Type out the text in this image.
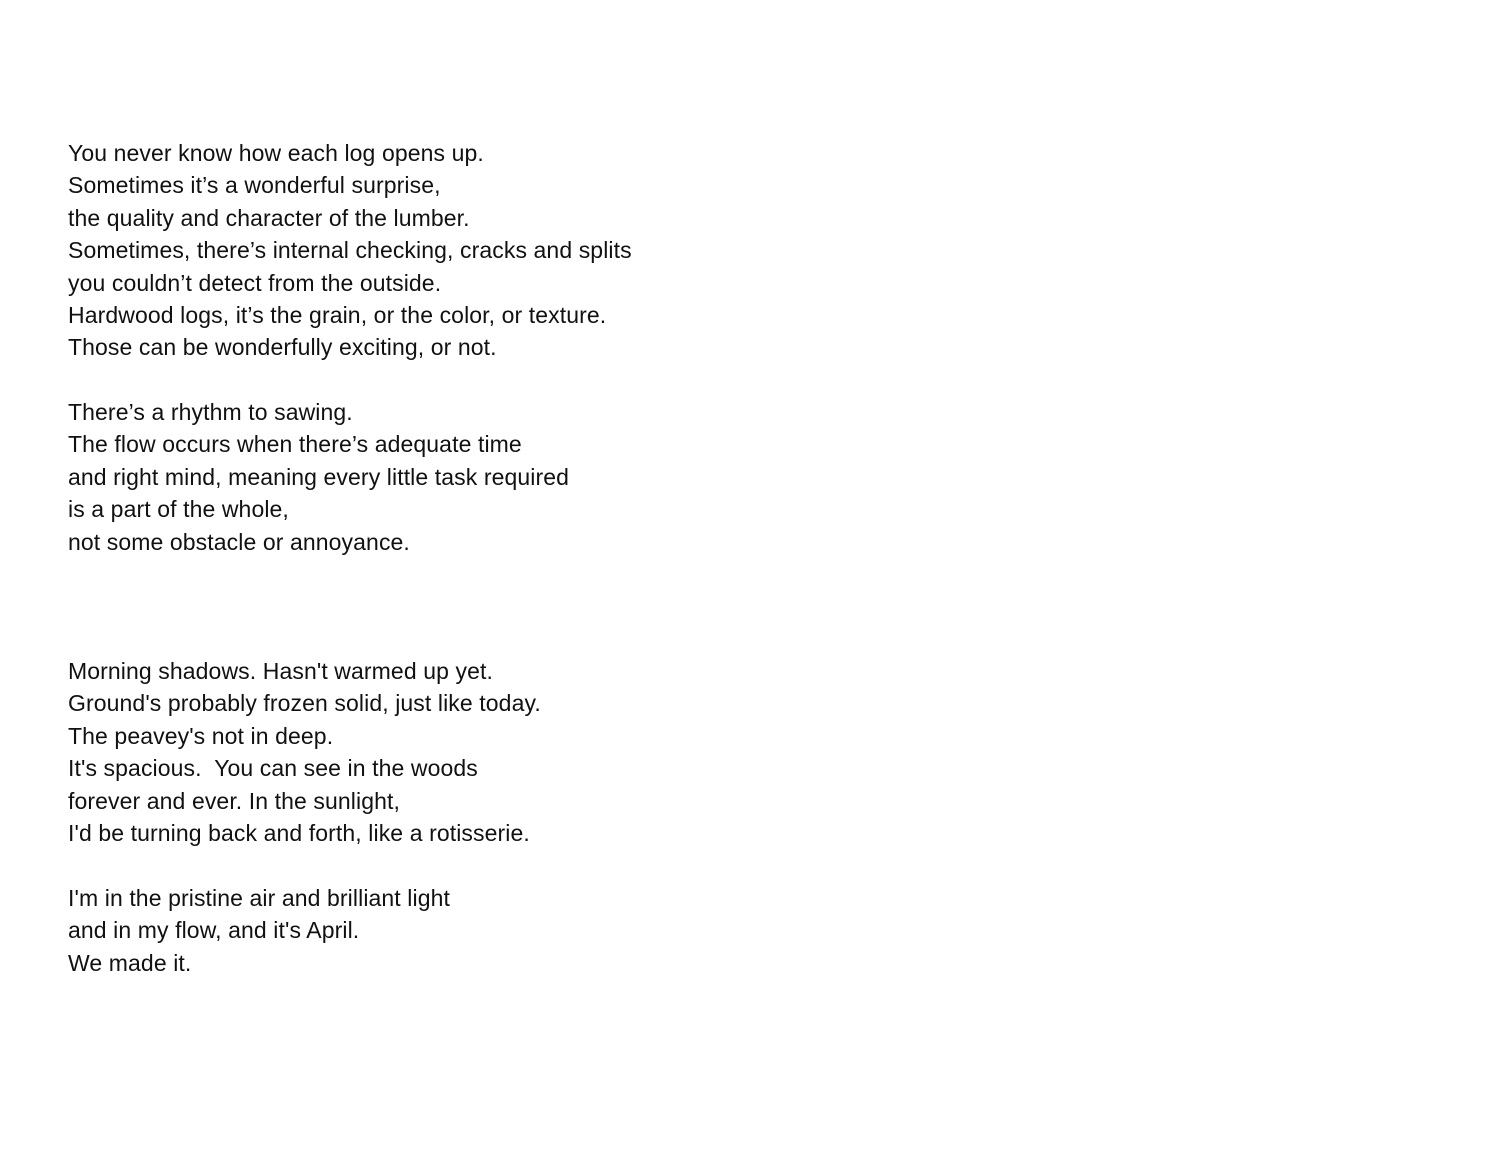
You never know how each log opens up.
Sometimes it’s a wonderful surprise,
the quality and character of the lumber.
Sometimes, there’s internal checking, cracks and splits
you couldn’t detect from the outside.
Hardwood logs, it’s the grain, or the color, or texture.
Those can be wonderfully exciting, or not.
There’s a rhythm to sawing.
The flow occurs when there’s adequate time
and right mind, meaning every little task required
is a part of the whole,
not some obstacle or annoyance.
Morning shadows. Hasn't warmed up yet.
Ground's probably frozen solid, just like today.
The peavey's not in deep.
It's spacious.  You can see in the woods
forever and ever. In the sunlight,
I'd be turning back and forth, like a rotisserie.
I'm in the pristine air and brilliant light
and in my flow, and it's April.
We made it.
